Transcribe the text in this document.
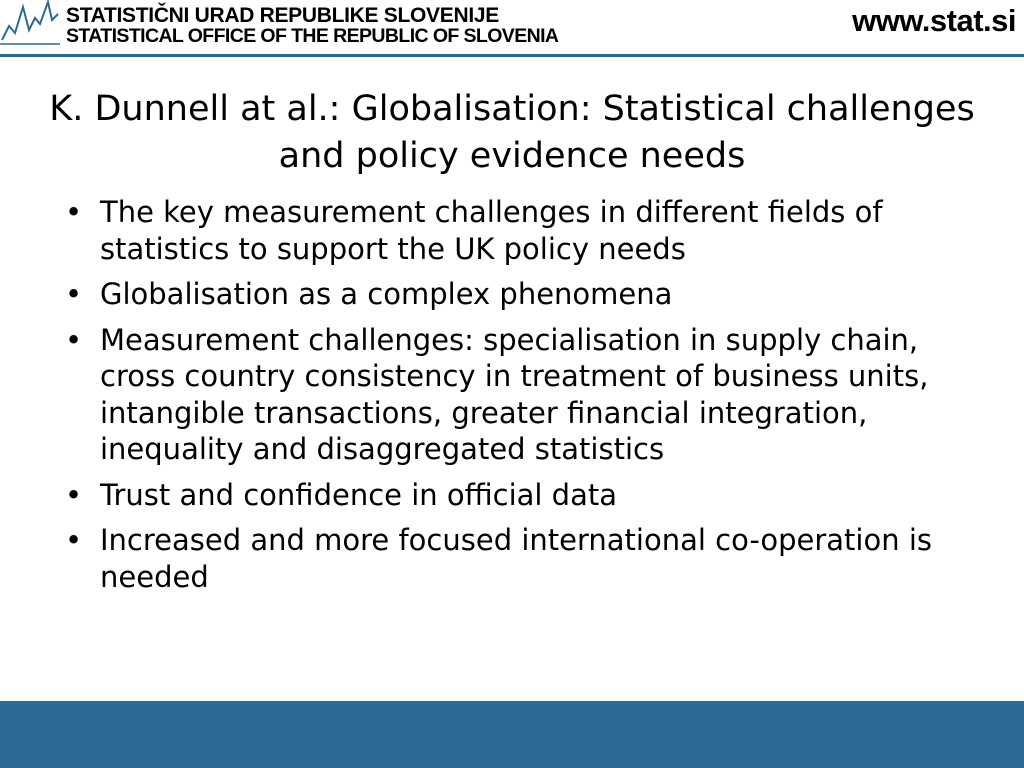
STATISTIČNI URAD REPUBLIKE SLOVENIJE
STATISTICAL OFFICE OF THE REPUBLIC OF SLOVENIA	www.stat.si
K. Dunnell at al.: Globalisation: Statistical challenges and policy evidence needs
• The key measurement challenges in different fields of statistics to support the UK policy needs
• Globalisation as a complex phenomena
• Measurement challenges: specialisation in supply chain, cross country consistency in treatment of business units, intangible transactions, greater financial integration, inequality and disaggregated statistics
• Trust and confidence in official data
• Increased and more focused international co-operation is needed
